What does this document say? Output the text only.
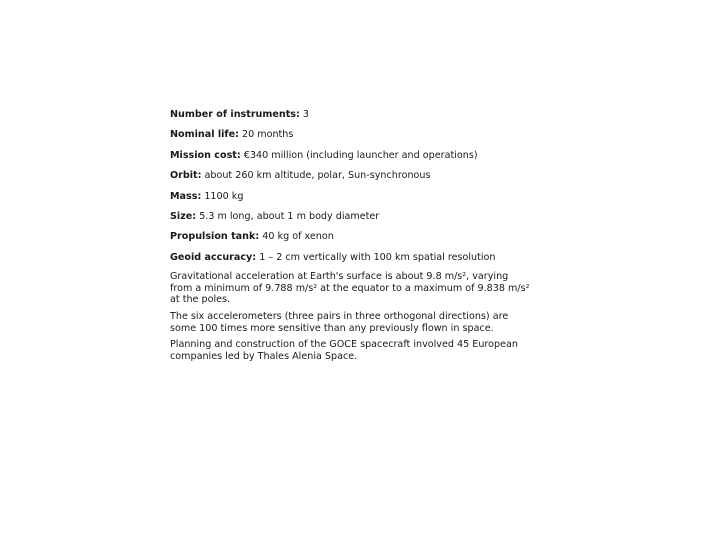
Number of instruments: 3
Nominal life: 20 months
Mission cost: €340 million (including launcher and operations)
Orbit: about 260 km altitude, polar, Sun-synchronous
Mass: 1100 kg
Size: 5.3 m long, about 1 m body diameter
Propulsion tank: 40 kg of xenon
Geoid accuracy: 1 – 2 cm vertically with 100 km spatial resolution

Gravitational acceleration at Earth's surface is about 9.8 m/s², varying from a minimum of 9.788 m/s² at the equator to a maximum of 9.838 m/s² at the poles.

The six accelerometers (three pairs in three orthogonal directions) are some 100 times more sensitive than any previously flown in space.

Planning and construction of the GOCE spacecraft involved 45 European companies led by Thales Alenia Space.
